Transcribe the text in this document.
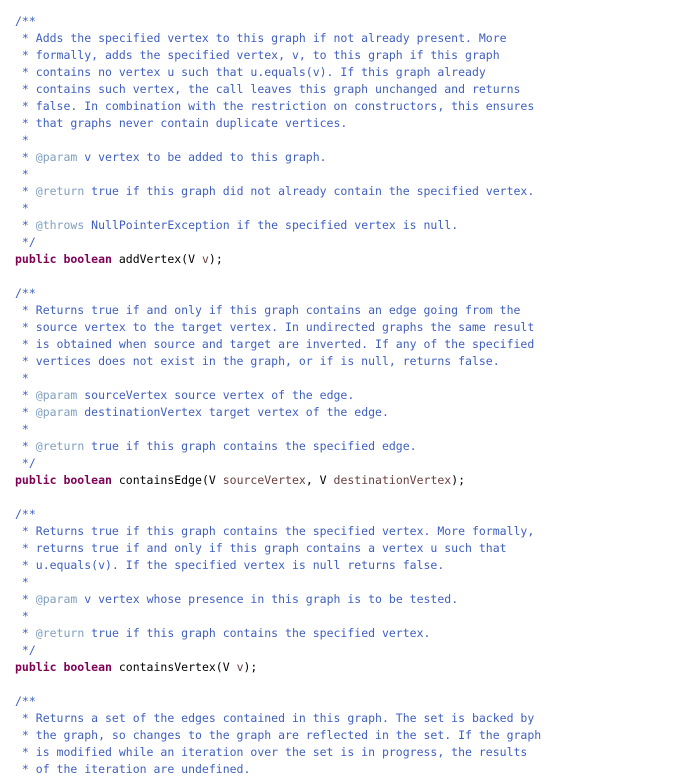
/**
* Adds the specified vertex to this graph if not already present. More
* formally, adds the specified vertex, v, to this graph if this graph
* contains no vertex u such that u.equals(v). If this graph already
* contains such vertex, the call leaves this graph unchanged and returns
* false. In combination with the restriction on constructors, this ensures
* that graphs never contain duplicate vertices.
*
* @param v vertex to be added to this graph.
*
* @return true if this graph did not already contain the specified vertex.
*
* @throws NullPointerException if the specified vertex is null.
*/
public boolean addVertex(V v);
/**
* Returns true if and only if this graph contains an edge going from the
* source vertex to the target vertex. In undirected graphs the same result
* is obtained when source and target are inverted. If any of the specified
* vertices does not exist in the graph, or if is null, returns false.
*
* @param sourceVertex source vertex of the edge.
* @param destinationVertex target vertex of the edge.
*
* @return true if this graph contains the specified edge.
*/
public boolean containsEdge(V sourceVertex, V destinationVertex);
/**
* Returns true if this graph contains the specified vertex. More formally,
* returns true if and only if this graph contains a vertex u such that
* u.equals(v). If the specified vertex is null returns false.
*
* @param v vertex whose presence in this graph is to be tested.
*
* @return true if this graph contains the specified vertex.
*/
public boolean containsVertex(V v);
/**
* Returns a set of the edges contained in this graph. The set is backed by
* the graph, so changes to the graph are reflected in the set. If the graph
* is modified while an iteration over the set is in progress, the results
* of the iteration are undefined.
